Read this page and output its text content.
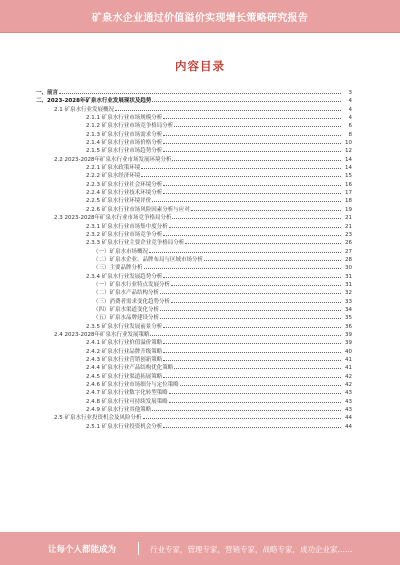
矿泉水企业通过价值溢价实现增长策略研究报告
内容目录
一、前言	3
二、2023-2028年矿泉水行业发展现状及趋势	4
2.1 矿泉水行业发展概况	4
2.1.1 矿泉水行业市场规模分析	4
2.1.2 矿泉水行业市场竞争格局分析	6
2.1.3 矿泉水行业市场需求分析	8
2.1.4 矿泉水行业市场价格分析	10
2.1.5 矿泉水行业市场趋势分析	12
2.2 2023-2028年矿泉水行业市场发展环境分析	14
2.2.1 矿泉水政策环境	14
2.2.2 矿泉水经济环境	15
2.2.3 矿泉水行业社会环境分析	16
2.2.4 矿泉水行业技术环境分析	17
2.2.5 矿泉水行业环境评价	18
2.2.6 矿泉水行业市场风险因素分析与应对	19
2.3 2023-2028年矿泉水行业市场竞争格局分析	21
2.3.1 矿泉水行业市场集中度分析	21
2.3.2 矿泉水行业市场竞争分析	23
2.3.3 矿泉水行业主要企业竞争格局分析	26
（一）矿泉水市场概况	27
（二）矿泉水企业、品牌布局与区域市场分析	28
（三）主要品牌分析	30
2.3.4 矿泉水行业发展趋势分析	31
（一）矿泉水行业特点发展分析	31
（二）矿泉水产品结构分析	32
（三）消费者需求变化趋势分析	33
（四）矿泉水渠道变化分析	34
（五）矿泉水品牌建设分析	35
2.3.5 矿泉水行业发展前景分析	36
2.4 2023-2028年矿泉水行业发展策略	39
2.4.1 矿泉水行业价值溢价策略	39
2.4.2 矿泉水行业品牌升级策略	40
2.4.3 矿泉水行业营销创新策略	41
2.4.4 矿泉水行业产品结构优化策略	41
2.4.5 矿泉水行业渠道拓展策略	42
2.4.6 矿泉水行业市场细分与定位策略	42
2.4.7 矿泉水行业数字化转型策略	43
2.4.8 矿泉水行业可持续发展策略	43
2.4.9 矿泉水行业其他策略	43
2.5 矿泉水行业投资机会及风险分析	44
2.5.1 矿泉水行业投资机会分析	44
让每个人都能成为	行业专家，管理专家，营销专家，战略专家，成功企业家……
